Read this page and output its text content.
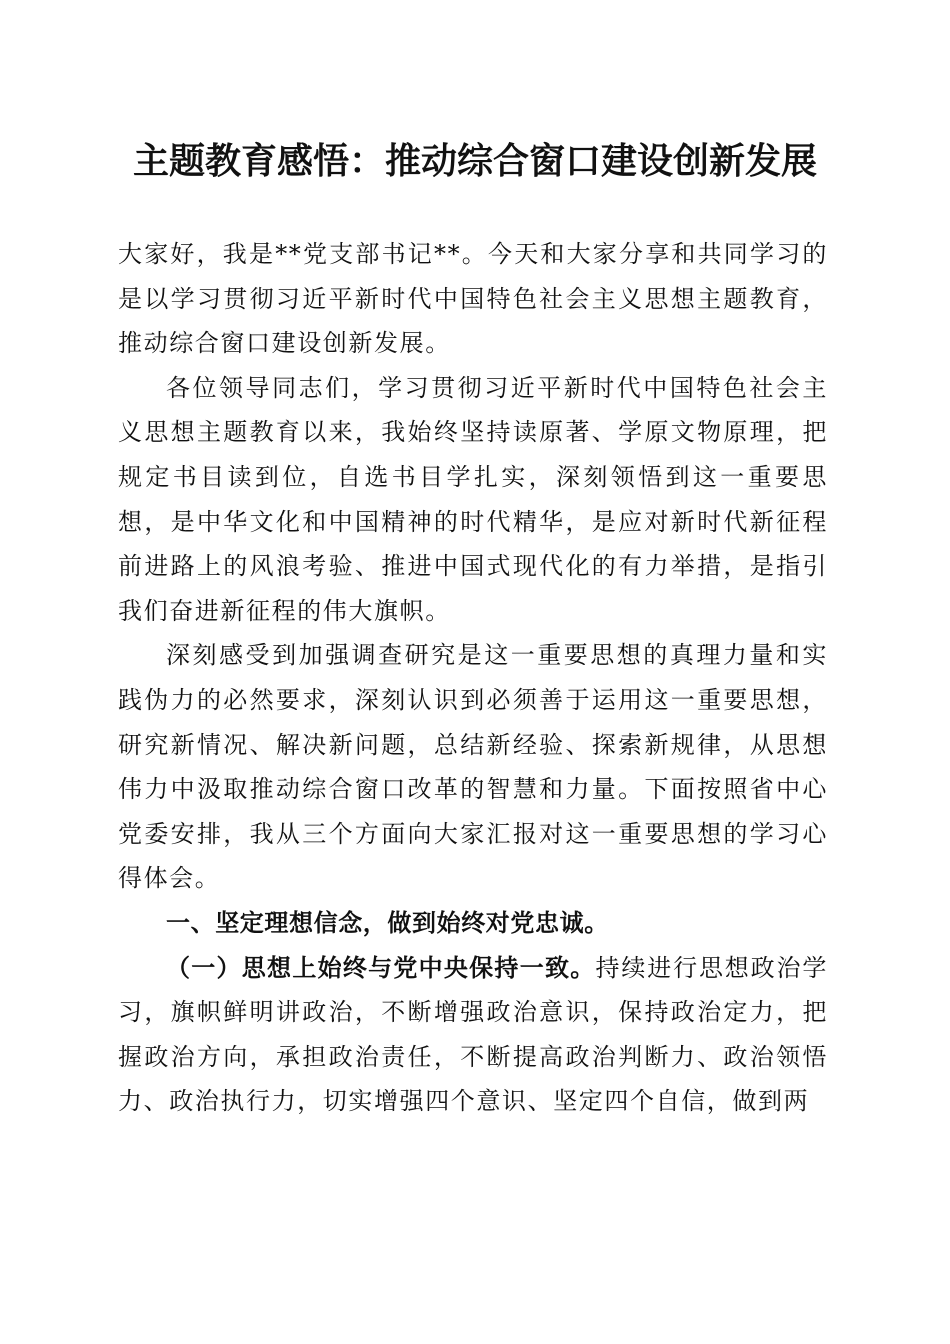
主题教育感悟：推动综合窗口建设创新发展

大家好，我是**党支部书记**。今天和大家分享和共同学习的是以学习贯彻习近平新时代中国特色社会主义思想主题教育，推动综合窗口建设创新发展。

各位领导同志们，学习贯彻习近平新时代中国特色社会主义思想主题教育以来，我始终坚持读原著、学原文物原理，把规定书目读到位，自选书目学扎实，深刻领悟到这一重要思想，是中华文化和中国精神的时代精华，是应对新时代新征程前进路上的风浪考验、推进中国式现代化的有力举措，是指引我们奋进新征程的伟大旗帜。

深刻感受到加强调查研究是这一重要思想的真理力量和实践伪力的必然要求，深刻认识到必须善于运用这一重要思想，研究新情况、解决新问题，总结新经验、探索新规律，从思想伟力中汲取推动综合窗口改革的智慧和力量。下面按照省中心党委安排，我从三个方面向大家汇报对这一重要思想的学习心得体会。

一、坚定理想信念，做到始终对党忠诚。

（一）思想上始终与党中央保持一致。持续进行思想政治学习，旗帜鲜明讲政治，不断增强政治意识，保持政治定力，把握政治方向，承担政治责任，不断提高政治判断力、政治领悟力、政治执行力，切实增强四个意识、坚定四个自信，做到两
